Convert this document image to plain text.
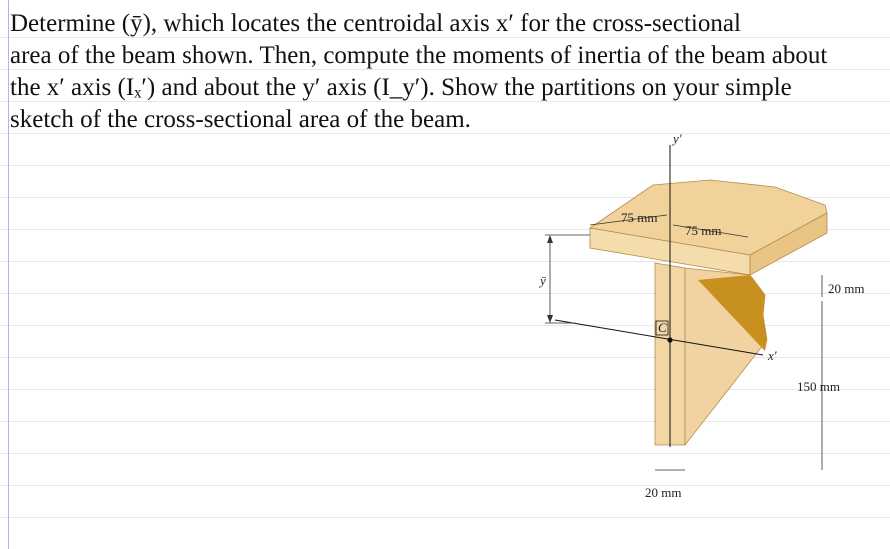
Determine (ȳ), which locates the centroidal axis x′ for the cross-sectional
area of the beam shown. Then, compute the moments of inertia of the beam about
the x′ axis (Iₓ′) and about the y′ axis (I_y′). Show the partitions on your simple
sketch of the cross-sectional area of the beam.
y′
x′
C
ȳ
75 mm
75 mm
20 mm
150 mm
20 mm
